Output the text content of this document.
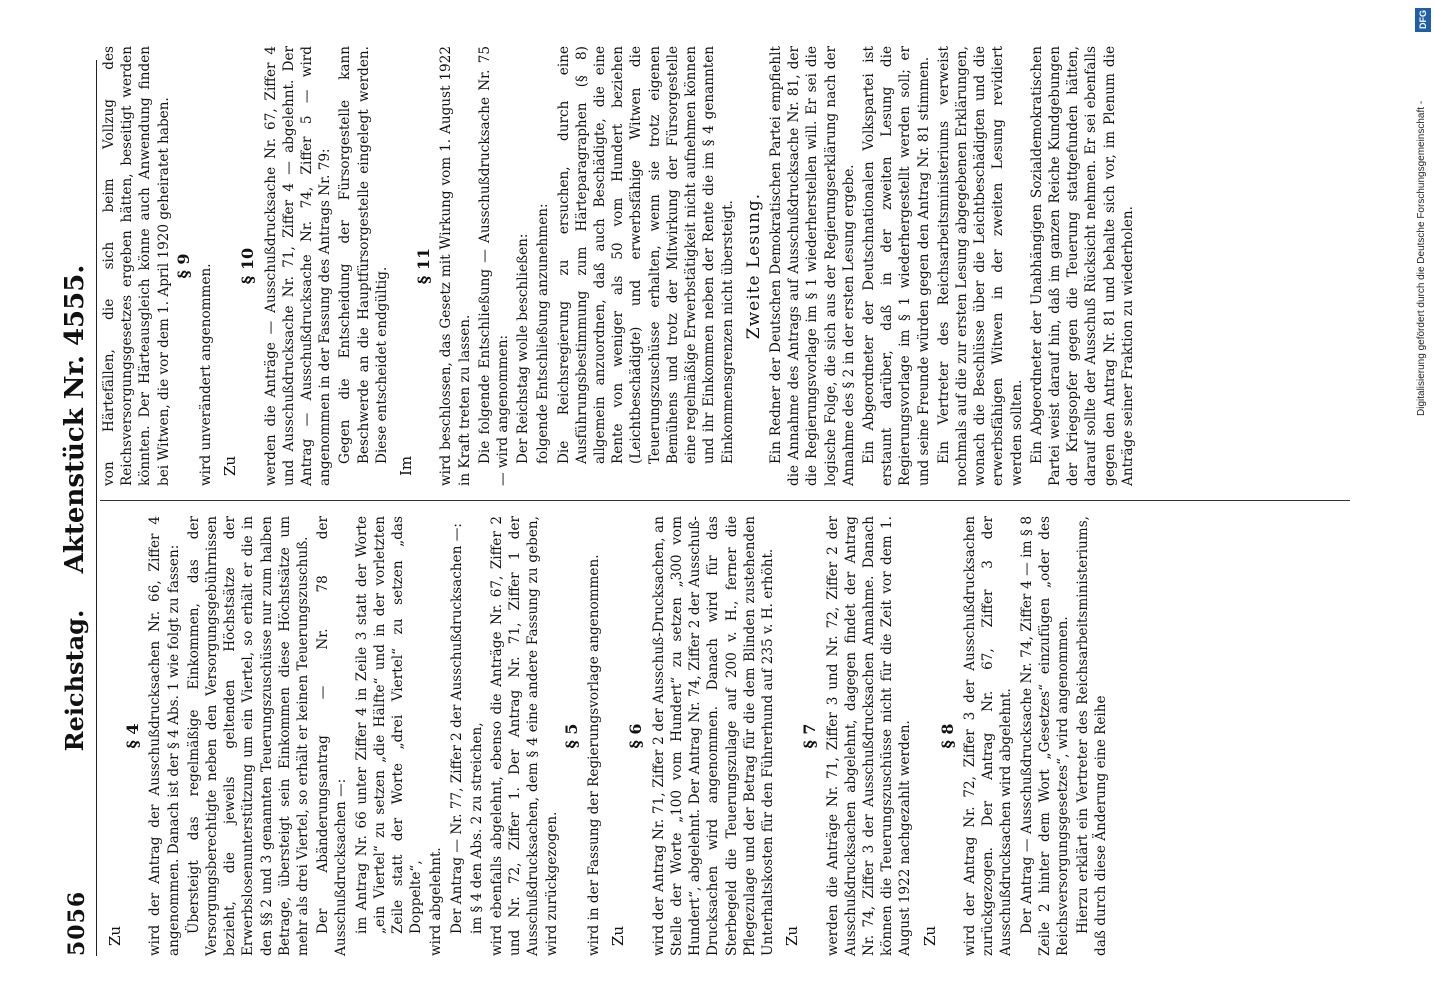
5056
Reichstag. Aktenstück Nr. 4555.
Zu
§ 4 wird der Antrag der Ausschußdrucksachen Nr. 66, Ziffer 4 angenommen. Danach ist der § 4 Abs. 1 wie folgt zu fassen: Übersteigt das regelmäßige Einkommen, das der Versorgungsberechtigte neben den Versorgungsgebührnissen bezieht, die jeweils geltenden Höchstsätze der Erwerbslosenunterstützung um ein Viertel, so erhält er die in den §§ 2 und 3 genannten Teuerungszuschüsse nur zum halben Betrage, übersteigt sein Einkommen diese Höchstsätze um mehr als drei Viertel, so erhält er keinen Teuerungszuschuß. Der Abänderungsantrag — Nr. 78 der Ausschußdrucksachen —: im Antrag Nr. 66 unter Ziffer 4 in Zeile 3 statt der Worte „ein Viertel“ zu setzen „die Hälfte“ und in der vorletzten Zeile statt der Worte „drei Viertel“ zu setzen „das Doppelte“, wird abgelehnt. Der Antrag — Nr. 77, Ziffer 2 der Ausschußdrucksachen —: im § 4 den Abs. 2 zu streichen, wird ebenfalls abgelehnt, ebenso die Anträge Nr. 67, Ziffer 2 und Nr. 72, Ziffer 1. Der Antrag Nr. 71, Ziffer 1 der Ausschußdrucksachen, dem § 4 eine andere Fassung zu geben, wird zurückgezogen.

§ 5 wird in der Fassung der Regierungsvorlage angenommen. Zu
§ 6 wird der Antrag Nr. 71, Ziffer 2 der Ausschuß-Drucksachen, an Stelle der Worte „100 vom Hundert“ zu setzen „300 vom Hundert“, abgelehnt. Der Antrag Nr. 74, Ziffer 2 der Ausschuß-Drucksachen wird angenommen. Danach wird für das Sterbegeld die Teuerungszulage auf 200 v. H., ferner die Pflegezulage und der Betrag für die dem Blinden zustehenden Unterhaltskosten für den Führerhund auf 235 v. H. erhöht. Zu
§ 7 werden die Anträge Nr. 71, Ziffer 3 und Nr. 72, Ziffer 2 der Ausschußdrucksachen abgelehnt, dagegen findet der Antrag Nr. 74, Ziffer 3 der Ausschußdrucksachen Annahme. Danach können die Teuerungszuschüsse nicht für die Zeit vor dem 1. August 1922 nachgezahlt werden. Zu
§ 8 wird der Antrag Nr. 72, Ziffer 3 der Ausschußdrucksachen zurückgezogen. Der Antrag Nr. 67, Ziffer 3 der Ausschußdrucksachen wird abgelehnt. Der Antrag — Ausschußdrucksache Nr. 74, Ziffer 4 — im § 8 Zeile 2 hinter dem Wort „Gesetzes“ einzufügen „oder des Reichsversorgungsgesetzes“, wird angenommen. Hierzu erklärt ein Vertreter des Reichsarbeitsministeriums, daß durch diese Änderung eine Reihe

von Härtefällen, die sich beim Vollzug des Reichsversorgungsgesetzes ergeben hätten, beseitigt werden könnten. Der Härteausgleich könne auch Anwendung finden bei Witwen, die vor dem 1. April 1920 geheiratet haben. § 9 wird unverändert angenommen. Zu
§ 10 werden die Anträge — Ausschußdrucksache Nr. 67, Ziffer 4 und Ausschußdrucksache Nr. 71, Ziffer 4 — abgelehnt. Der Antrag — Ausschußdrucksache Nr. 74, Ziffer 5 — wird angenommen in der Fassung des Antrags Nr. 79: Gegen die Entscheidung der Fürsorgestelle kann Beschwerde an die Hauptfürsorgestelle eingelegt werden. Diese entscheidet endgültig.

Im
§ 11 wird beschlossen, das Gesetz mit Wirkung vom 1. August 1922 in Kraft treten zu lassen. Die folgende Entschließung — Ausschußdrucksache Nr. 75 — wird angenommen: Der Reichstag wolle beschließen: folgende Entschließung anzunehmen: Die Reichsregierung zu ersuchen, durch eine Ausführungsbestimmung zum Härteparagraphen (§ 8) allgemein anzuordnen, daß auch Beschädigte, die eine Rente von weniger als 50 vom Hundert beziehen (Leichtbeschädigte) und erwerbsfähige Witwen die Teuerungszuschüsse erhalten, wenn sie trotz eigenen Bemühens und trotz der Mitwirkung der Fürsorgestelle eine regelmäßige Erwerbstätigkeit nicht aufnehmen können und ihr Einkommen neben der Rente die im § 4 genannten Einkommensgrenzen nicht übersteigt. Zweite Lesung. Ein Redner der Deutschen Demokratischen Partei empfiehlt die Annahme des Antrags auf Ausschußdrucksache Nr. 81, der die Regierungsvorlage im § 1 wiederherstellen will. Er sei die logische Folge, die sich aus der Regierungserklärung nach der Annahme des § 2 in der ersten Lesung ergebe. Ein Abgeordneter der Deutschnationalen Volkspartei ist erstaunt darüber, daß in der zweiten Lesung die Regierungsvorlage im § 1 wiederhergestellt werden soll; er und seine Freunde würden gegen den Antrag Nr. 81 stimmen. Ein Vertreter des Reichsarbeitsministeriums verweist nochmals auf die zur ersten Lesung abgegebenen Erklärungen, wonach die Beschlüsse über die Leichtbeschädigten und die erwerbsfähigen Witwen in der zweiten Lesung revidiert werden sollten. Ein Abgeordneter der Unabhängigen Sozialdemokratischen Partei weist darauf hin, daß im ganzen Reiche Kundgebungen der Kriegsopfer gegen die Teuerung stattgefunden hätten, darauf sollte der Ausschuß Rücksicht nehmen. Er sei ebenfalls gegen den Antrag Nr. 81 und behalte sich vor, im Plenum die Anträge seiner Fraktion zu wiederholen.

DFG
Digitalisierung gefördert durch die Deutsche Forschungsgemeinschaft -
